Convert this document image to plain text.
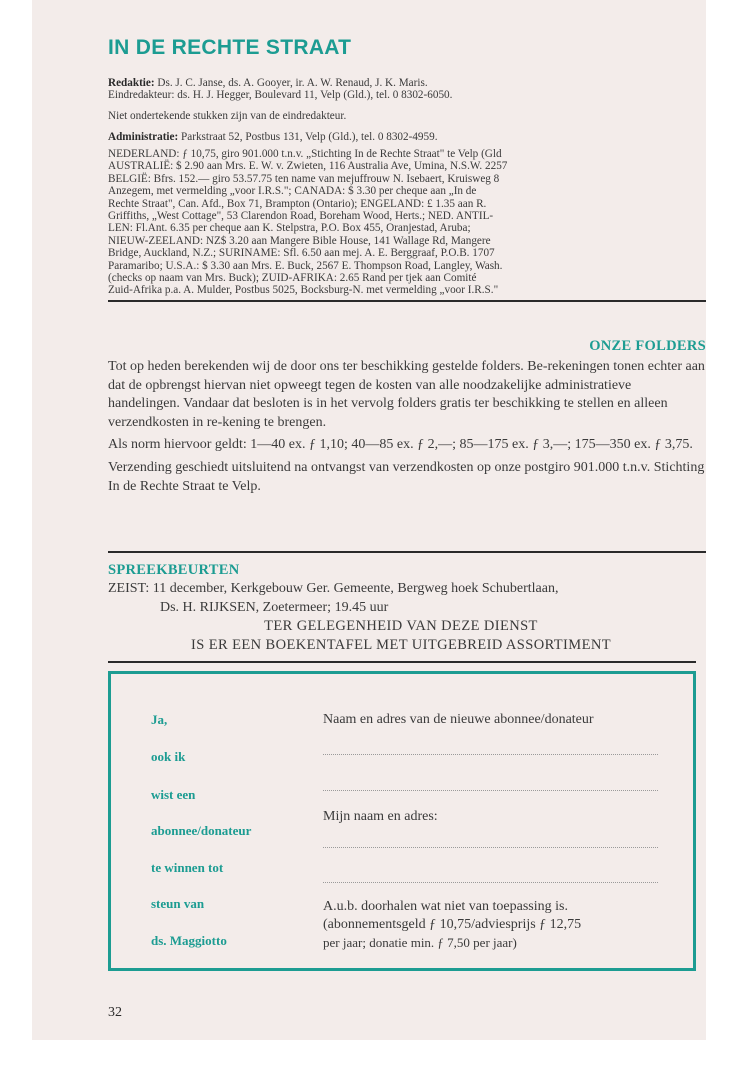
IN DE RECHTE STRAAT
Redaktie: Ds. J. C. Janse, ds. A. Gooyer, ir. A. W. Renaud, J. K. Maris.
Eindredakteur: ds. H. J. Hegger, Boulevard 11, Velp (Gld.), tel. 0 8302-6050.
Niet ondertekende stukken zijn van de eindredakteur.
Administratie: Parkstraat 52, Postbus 131, Velp (Gld.), tel. 0 8302-4959.
NEDERLAND: ƒ 10,75, giro 901.000 t.n.v. „Stichting In de Rechte Straat" te Velp (Gld
AUSTRALIË: $ 2.90 aan Mrs. E. W. v. Zwieten, 116 Australia Ave, Umina, N.S.W. 2257
BELGIË: Bfrs. 152.— giro 53.57.75 ten name van mejuffrouw N. Isebaert, Kruisweg 8
Anzegem, met vermelding „voor I.R.S."; CANADA: $ 3.30 per cheque aan „In de
Rechte Straat", Can. Afd., Box 71, Brampton (Ontario); ENGELAND: £ 1.35 aan R.
Griffiths, „West Cottage", 53 Clarendon Road, Boreham Wood, Herts.; NED. ANTIL-
LEN: Fl.Ant. 6.35 per cheque aan K. Stelpstra, P.O. Box 455, Oranjestad, Aruba;
NIEUW-ZEELAND: NZ$ 3.20 aan Mangere Bible House, 141 Wallage Rd, Mangere
Bridge, Auckland, N.Z.; SURINAME: Sfl. 6.50 aan mej. A. E. Berggraaf, P.O.B. 1707
Paramaribo; U.S.A.: $ 3.30 aan Mrs. E. Buck, 2567 E. Thompson Road, Langley, Wash.
(checks op naam van Mrs. Buck); ZUID-AFRIKA: 2.65 Rand per tjek aan Comité
Zuid-Afrika p.a. A. Mulder, Postbus 5025, Bocksburg-N. met vermelding „voor I.R.S."
ONZE FOLDERS

Tot op heden berekenden wij de door ons ter beschikking gestelde folders. Be-rekeningen tonen echter aan dat de opbrengst hiervan niet opweegt tegen de kosten van alle noodzakelijke administratieve handelingen. Vandaar dat besloten is in het vervolg folders gratis ter beschikking te stellen en alleen verzendkosten in re-kening te brengen.

Als norm hiervoor geldt: 1—40 ex. ƒ 1,10; 40—85 ex. ƒ 2,—; 85—175 ex. ƒ 3,—; 175—350 ex. ƒ 3,75.

Verzending geschiedt uitsluitend na ontvangst van verzendkosten op onze postgiro 901.000 t.n.v. Stichting In de Rechte Straat te Velp.

SPREEKBEURTEN
ZEIST: 11 december, Kerkgebouw Ger. Gemeente, Bergweg hoek Schubertlaan,
Ds. H. RIJKSEN, Zoetermeer; 19.45 uur
TER GELEGENHEID VAN DEZE DIENST
IS ER EEN BOEKENTAFEL MET UITGEBREID ASSORTIMENT
Ja,
ook ik
wist een
abonnee/donateur
te winnen tot
steun van
ds. Maggiotto
Naam en adres van de nieuwe abonnee/donateur
Mijn naam en adres:
A.u.b. doorhalen wat niet van toepassing is.
(abonnementsgeld ƒ 10,75/adviesprijs ƒ 12,75
per jaar; donatie min. ƒ 7,50 per jaar)
32
